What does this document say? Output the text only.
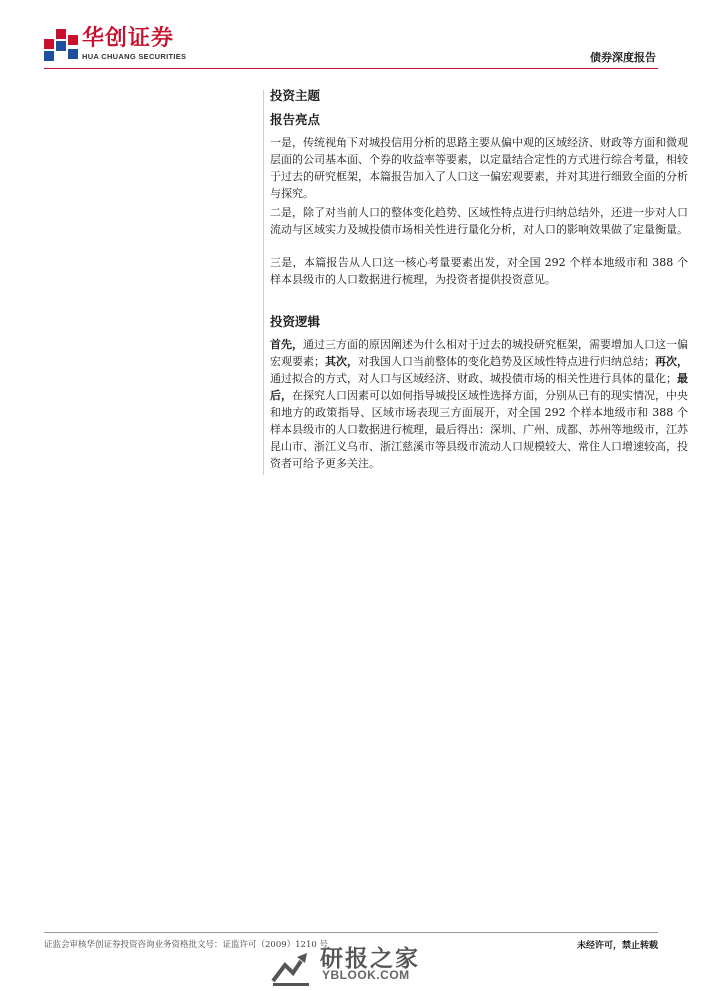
华创证券
HUA CHUANG SECURITIES	债券深度报告

投资主题

报告亮点

一是，传统视角下对城投信用分析的思路主要从偏中观的区域经济、财政等方面和微观层面的公司基本面、个券的收益率等要素，以定量结合定性的方式进行综合考量，相较于过去的研究框架，本篇报告加入了人口这一偏宏观要素，并对其进行细致全面的分析与探究。

二是，除了对当前人口的整体变化趋势、区域性特点进行归纳总结外，还进一步对人口流动与区域实力及城投债市场相关性进行量化分析，对人口的影响效果做了定量衡量。

三是，本篇报告从人口这一核心考量要素出发，对全国 292 个样本地级市和 388 个样本县级市的人口数据进行梳理，为投资者提供投资意见。

投资逻辑

首先，通过三方面的原因阐述为什么相对于过去的城投研究框架，需要增加人口这一偏宏观要素；其次，对我国人口当前整体的变化趋势及区域性特点进行归纳总结；再次，通过拟合的方式，对人口与区域经济、财政、城投债市场的相关性进行具体的量化；最后，在探究人口因素可以如何指导城投区域性选择方面，分别从已有的现实情况，中央和地方的政策指导、区域市场表现三方面展开，对全国 292 个样本地级市和 388 个样本县级市的人口数据进行梳理，最后得出：深圳、广州、成都、苏州等地级市，江苏昆山市、浙江义乌市、浙江慈溪市等县级市流动人口规模较大、常住人口增速较高，投资者可给予更多关注。

证监会审核华创证券投资咨询业务资格批文号：证监许可（2009）1210 号	未经许可，禁止转载
研报之家
YBLOOK.COM
